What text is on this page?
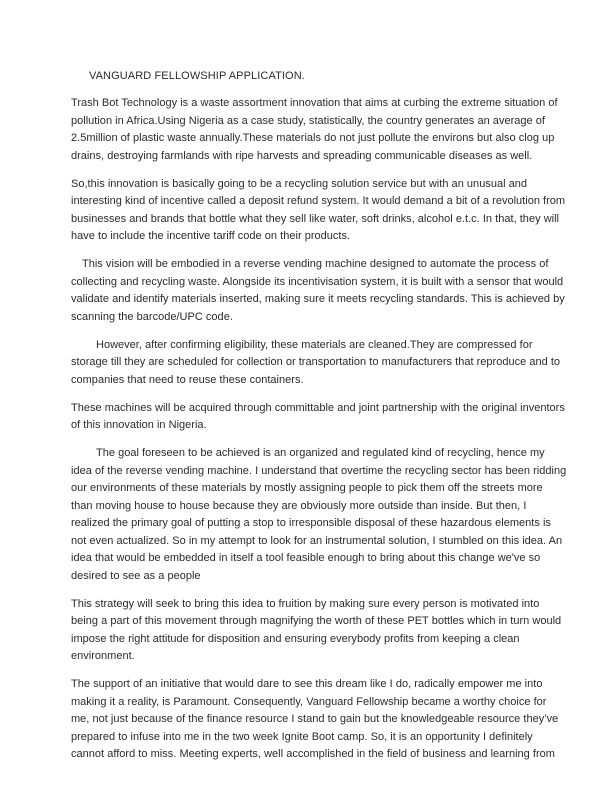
VANGUARD FELLOWSHIP APPLICATION.

Trash Bot Technology is a waste assortment innovation that aims at curbing the extreme situation of pollution in Africa.Using Nigeria as a case study, statistically, the country generates an average of 2.5million of plastic waste annually.These materials do not just pollute the environs but also clog up drains, destroying farmlands with ripe harvests and spreading communicable diseases as well.

So,this innovation is basically going to be a recycling solution service but with an unusual and interesting kind of incentive called a deposit refund system. It would demand a bit of a revolution from businesses and brands that bottle what they sell like water, soft drinks, alcohol e.t.c. In that, they will have to include the incentive tariff code on their products.

This vision will be embodied in a reverse vending machine designed to automate the process of collecting and recycling waste. Alongside its incentivisation system, it is built with a sensor that would validate and identify materials inserted, making sure it meets recycling standards. This is achieved by scanning the barcode/UPC code.

However, after confirming eligibility, these materials are cleaned.They are compressed for storage till they are scheduled for collection or transportation to manufacturers that reproduce and to companies that need to reuse these containers.

These machines will be acquired through committable and joint partnership with the original inventors of this innovation in Nigeria.

The goal foreseen to be achieved is an organized and regulated kind of recycling, hence my idea of the reverse vending machine. I understand that overtime the recycling sector has been ridding our environments of these materials by mostly assigning people to pick them off the streets more than moving house to house because they are obviously more outside than inside. But then, I realized the primary goal of putting a stop to irresponsible disposal of these hazardous elements is not even actualized. So in my attempt to look for an instrumental solution, I stumbled on this idea. An idea that would be embedded in itself a tool feasible enough to bring about this change we've so desired to see as a people

This strategy will seek to bring this idea to fruition by making sure every person is motivated into being a part of this movement through magnifying the worth of these PET bottles which in turn would impose the right attitude for disposition and ensuring everybody profits from keeping a clean environment.

The support of an initiative that would dare to see this dream like I do, radically empower me into making it a reality, is Paramount. Consequently, Vanguard Fellowship became a worthy choice for me, not just because of the finance resource I stand to gain but the knowledgeable resource they’ve prepared to infuse into me in the two week Ignite Boot camp. So, it is an opportunity I definitely cannot afford to miss. Meeting experts, well accomplished in the field of business and learning from
